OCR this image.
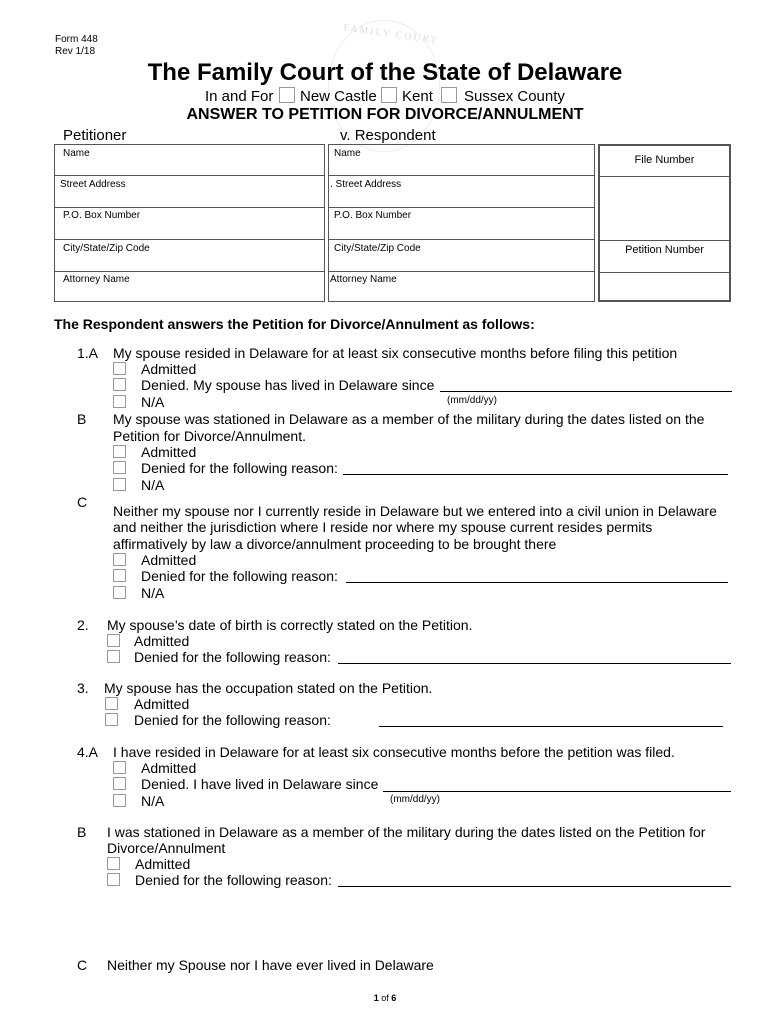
FAMILY COURT
Form 448
Rev 1/18
The Family Court of the State of Delaware
In and For New Castle Kent Sussex County
ANSWER TO PETITION FOR DIVORCE/ANNULMENT
Petitioner	v. Respondent
Name
Street Address
P.O. Box Number
City/State/Zip Code
Attorney Name
Name
. Street Address
P.O. Box Number
City/State/Zip Code
Attorney Name
File Number
Petition Number
The Respondent answers the Petition for Divorce/Annulment as follows:
1.A My spouse resided in Delaware for at least six consecutive months before filing this petition
Admitted
Denied. My spouse has lived in Delaware since
(mm/dd/yy)
N/A
B My spouse was stationed in Delaware as a member of the military during the dates listed on the
Petition for Divorce/Annulment.
Admitted
Denied for the following reason:
N/A
C
Neither my spouse nor I currently reside in Delaware but we entered into a civil union in Delaware
and neither the jurisdiction where I reside nor where my spouse current resides permits
affirmatively by law a divorce/annulment proceeding to be brought there
Admitted
Denied for the following reason:
N/A
2. My spouse’s date of birth is correctly stated on the Petition.
Admitted
Denied for the following reason:
3. My spouse has the occupation stated on the Petition.
Admitted
Denied for the following reason:
4.A I have resided in Delaware for at least six consecutive months before the petition was filed.
Admitted
Denied. I have lived in Delaware since
(mm/dd/yy)
N/A
B I was stationed in Delaware as a member of the military during the dates listed on the Petition for
Divorce/Annulment
Admitted
Denied for the following reason:
C Neither my Spouse nor I have ever lived in Delaware
1 of 6
